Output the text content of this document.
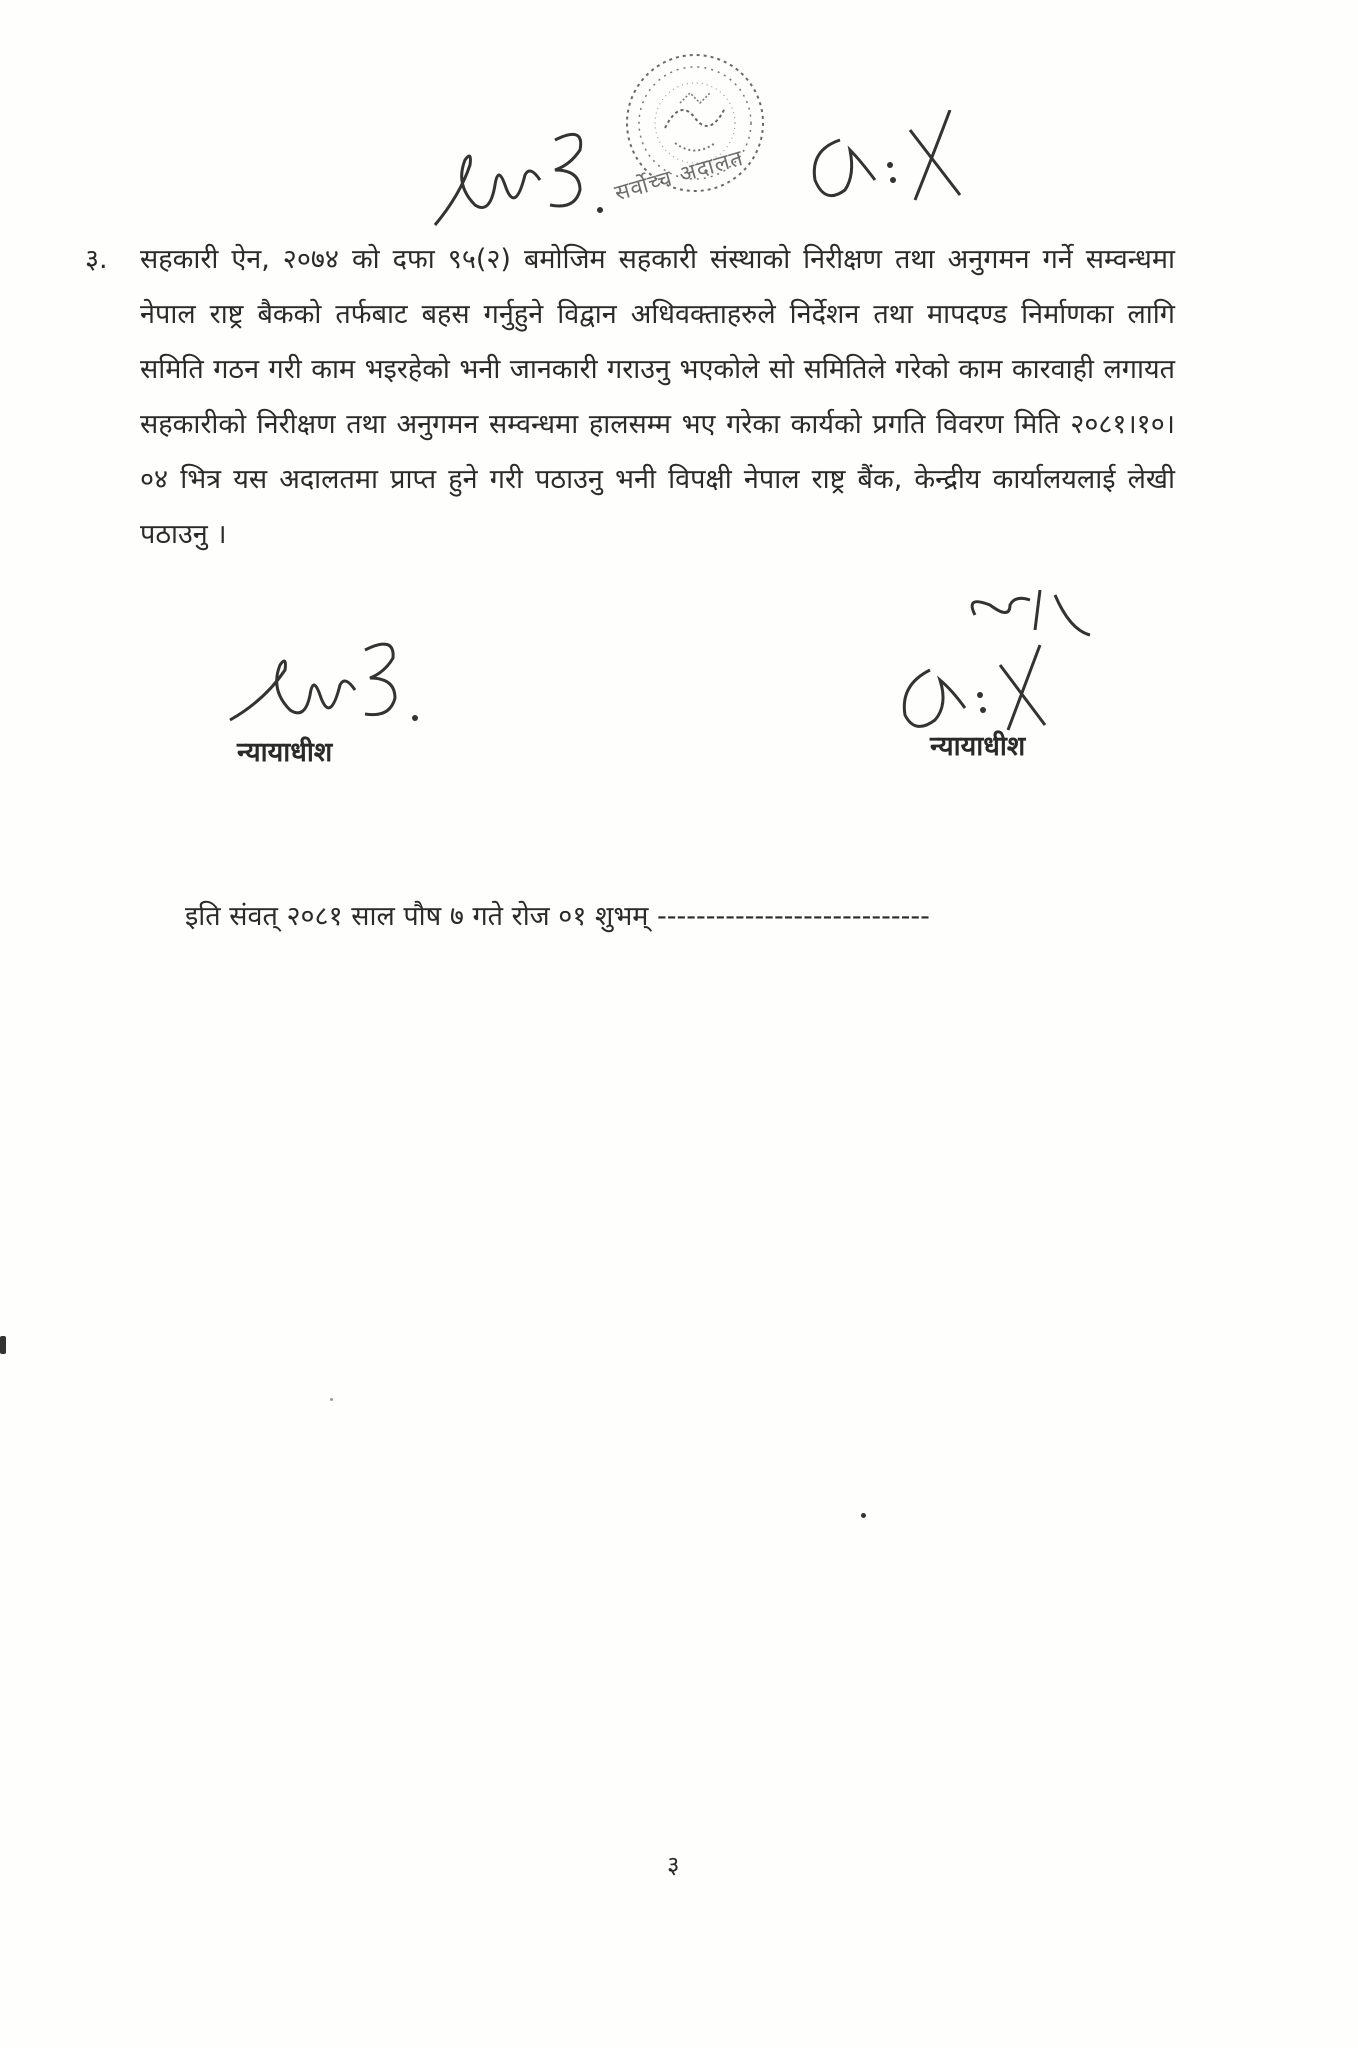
सर्वोच्च अदालत

३. सहकारी ऐन, २०७४ को दफा ९५(२) बमोजिम सहकारी संस्थाको निरीक्षण तथा अनुगमन गर्ने सम्वन्धमा नेपाल राष्ट्र बैकको तर्फबाट बहस गर्नुहुने विद्वान अधिवक्ताहरुले निर्देशन तथा मापदण्ड निर्माणका लागि समिति गठन गरी काम भइरहेको भनी जानकारी गराउनु भएकोले सो समितिले गरेको काम कारवाही लगायत सहकारीको निरीक्षण तथा अनुगमन सम्वन्धमा हालसम्म भए गरेका कार्यको प्रगति विवरण मिति २०८१।१०।०४ भित्र यस अदालतमा प्राप्त हुने गरी पठाउनु भनी विपक्षी नेपाल राष्ट्र बैंक, केन्द्रीय कार्यालयलाई लेखी पठाउनु ।

न्यायाधीश	न्यायाधीश
इति संवत् २०८१ साल पौष ७ गते रोज ०१ शुभम् ----------------------------
३
